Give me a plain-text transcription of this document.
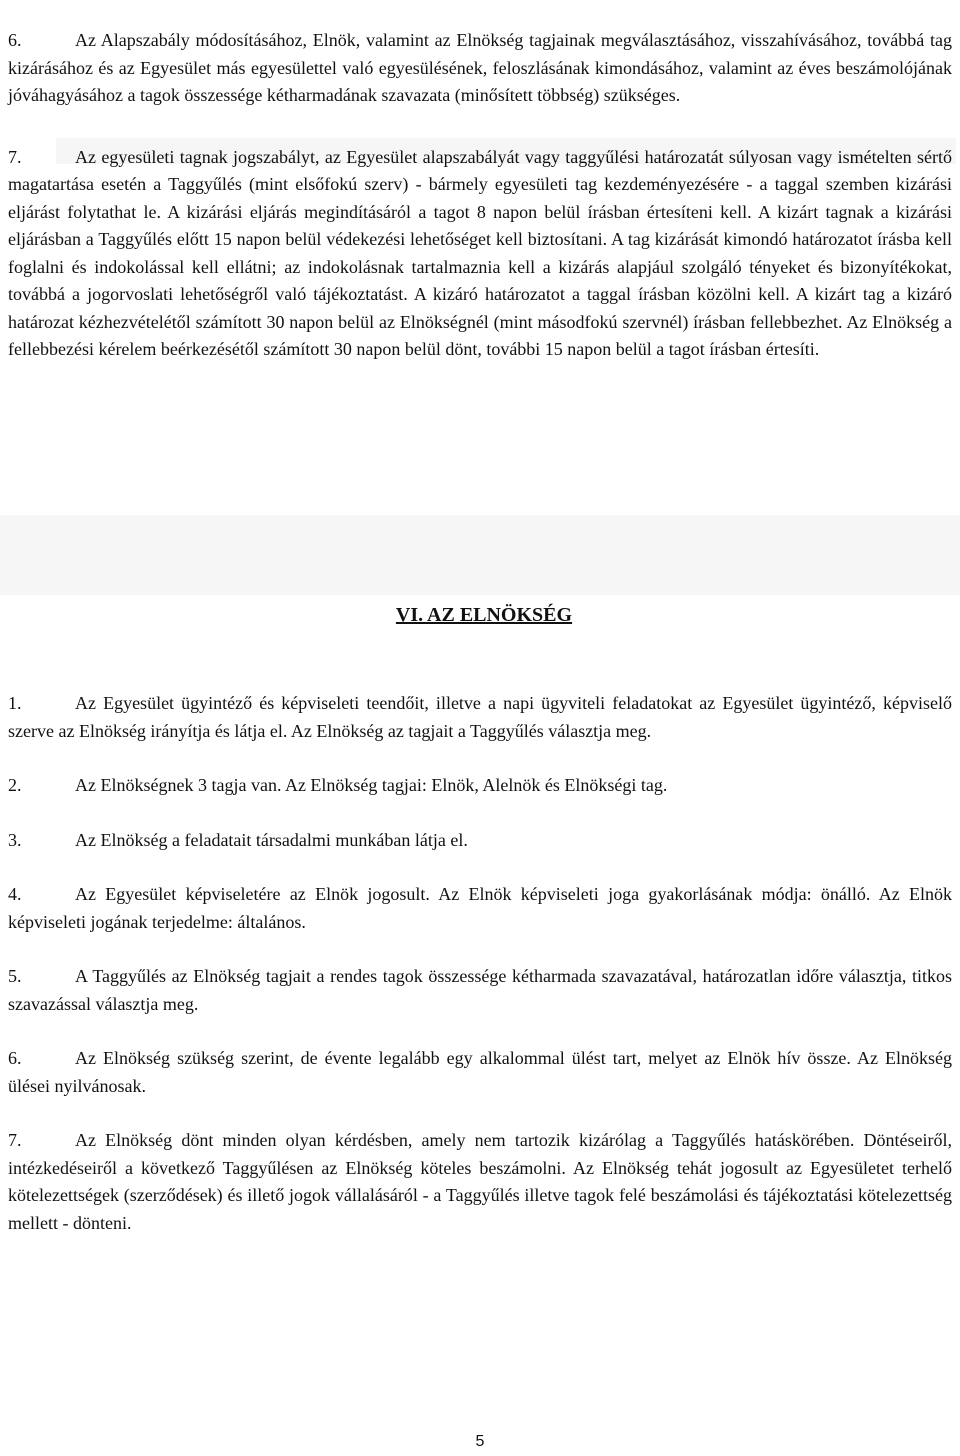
6.	Az Alapszabály módosításához, Elnök, valamint az Elnökség tagjainak megválasztásához, visszahívásához, továbbá tag kizárásához és az Egyesület más egyesülettel való egyesülésének, feloszlásának kimondásához, valamint az éves beszámolójának jóváhagyásához a tagok összessége kétharmadának szavazata (minősített többség) szükséges.

7.	Az egyesületi tagnak jogszabályt, az Egyesület alapszabályát vagy taggyűlési határozatát súlyosan vagy ismételten sértő magatartása esetén a Taggyűlés (mint elsőfokú szerv) - bármely egyesületi tag kezdeményezésére - a taggal szemben kizárási eljárást folytathat le. A kizárási eljárás megindításáról a tagot 8 napon belül írásban értesíteni kell. A kizárt tagnak a kizárási eljárásban a Taggyűlés előtt 15 napon belül védekezési lehetőséget kell biztosítani. A tag kizárását kimondó határozatot írásba kell foglalni és indokolással kell ellátni; az indokolásnak tartalmaznia kell a kizárás alapjául szolgáló tényeket és bizonyítékokat, továbbá a jogorvoslati lehetőségről való tájékoztatást. A kizáró határozatot a taggal írásban közölni kell. A kizárt tag a kizáró határozat kézhezvételétől számított 30 napon belül az Elnökségnél (mint másodfokú szervnél) írásban fellebbezhet. Az Elnökség a fellebbezési kérelem beérkezésétől számított 30 napon belül dönt, további 15 napon belül a tagot írásban értesíti.

VI. AZ ELNÖKSÉG

1.	Az Egyesület ügyintéző és képviseleti teendőit, illetve a napi ügyviteli feladatokat az Egyesület ügyintéző, képviselő szerve az Elnökség irányítja és látja el. Az Elnökség az tagjait a Taggyűlés választja meg.

2.	Az Elnökségnek 3 tagja van. Az Elnökség tagjai: Elnök, Alelnök és Elnökségi tag.

3.	Az Elnökség a feladatait társadalmi munkában látja el.

4.	Az Egyesület képviseletére az Elnök jogosult. Az Elnök képviseleti joga gyakorlásának módja: önálló. Az Elnök képviseleti jogának terjedelme: általános.

5.	A Taggyűlés az Elnökség tagjait a rendes tagok összessége kétharmada szavazatával, határozatlan időre választja, titkos szavazással választja meg.

6.	Az Elnökség szükség szerint, de évente legalább egy alkalommal ülést tart, melyet az Elnök hív össze. Az Elnökség ülései nyilvánosak.

7.	Az Elnökség dönt minden olyan kérdésben, amely nem tartozik kizárólag a Taggyűlés hatáskörében. Döntéseiről, intézkedéseiről a következő Taggyűlésen az Elnökség köteles beszámolni. Az Elnökség tehát jogosult az Egyesületet terhelő kötelezettségek (szerződések) és illető jogok vállalásáról - a Taggyűlés illetve tagok felé beszámolási és tájékoztatási kötelezettség mellett - dönteni.

5
